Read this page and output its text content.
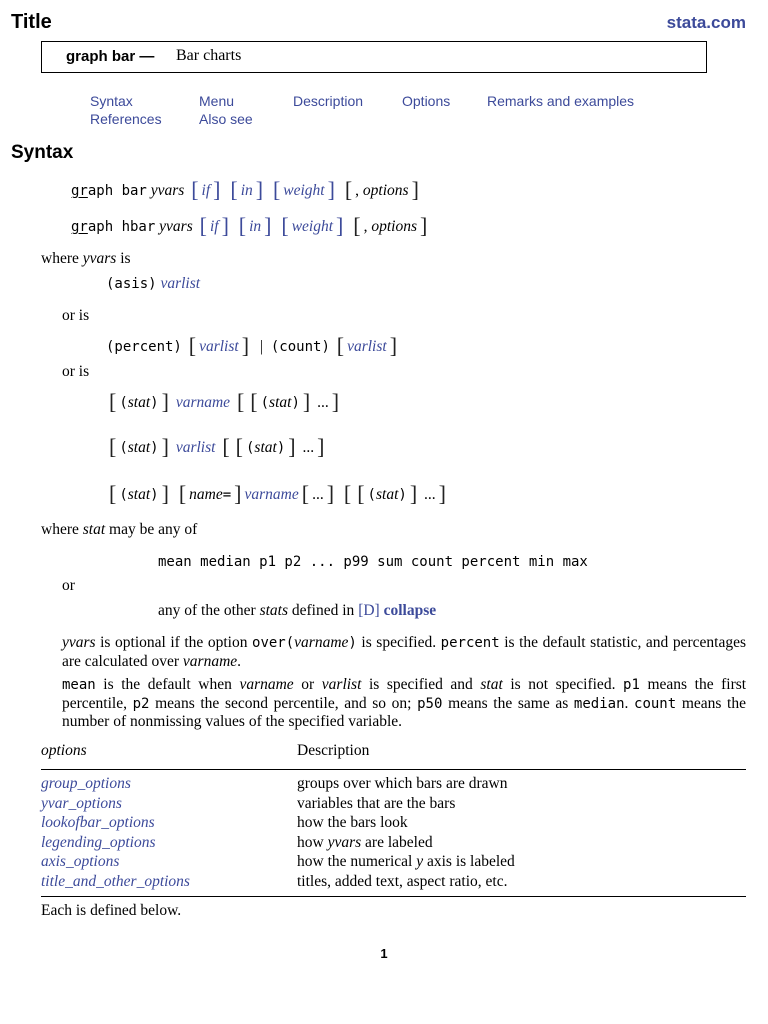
Title	stata.com
graph bar — Bar charts
Syntax	Menu	Description	Options	Remarks and examples
References	Also see
Syntax
graph bar yvars [ if ] [ in ] [ weight ] [ , options ]
graph hbar yvars [ if ] [ in ] [ weight ] [ , options ]
where yvars is
(asis) varlist
or is
(percent) [ varlist ] | (count) [ varlist ]
or is
[ (stat) ] varname [ [ (stat) ] ... ]
[ (stat) ] varlist [ [ (stat) ] ... ]
[ (stat) ] [ name= ] varname [ ... ] [ [ (stat) ] ... ]
where stat may be any of
mean median p1 p2 ... p99 sum count percent min max
or
any of the other stats defined in [D] collapse
yvars is optional if the option over(varname) is specified. percent is the default statistic, and percentages are calculated over varname.
mean is the default when varname or varlist is specified and stat is not specified. p1 means the first percentile, p2 means the second percentile, and so on; p50 means the same as median. count means the number of nonmissing values of the specified variable.
options	Description
group_options	groups over which bars are drawn
yvar_options	variables that are the bars
lookofbar_options	how the bars look
legending_options	how yvars are labeled
axis_options	how the numerical y axis is labeled
title_and_other_options	titles, added text, aspect ratio, etc.
Each is defined below.
1
